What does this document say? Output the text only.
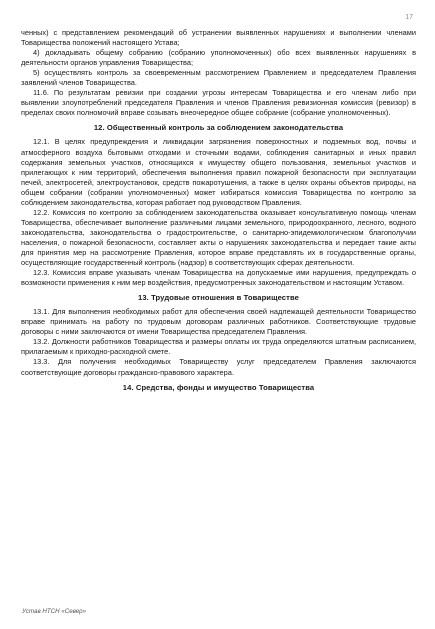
17

ченных) с представлением рекомендаций об устранении выявленных нарушениях и выполнении членами Товарищества положений настоящего Устава;

4) докладывать общему собранию (собранию уполномоченных) обо всех выявленных нарушениях в деятельности органов управления Товарищества;

5) осуществлять контроль за своевременным рассмотрением Правлением и председателем Правления заявлений членов Товарищества.

11.6. По результатам ревизии при создании угрозы интересам Товарищества и его членам либо при выявлении злоупотреблений председателя Правления и членов Правления ревизионная комиссия (ревизор) в пределах своих полномочий вправе созывать внеочередное общее собрание (собрание уполномоченных).

12. Общественный контроль за соблюдением законодательства

12.1. В целях предупреждения и ликвидации загрязнения поверхностных и подземных вод, почвы и атмосферного воздуха бытовыми отходами и сточными водами, соблюдения санитарных и иных правил содержания земельных участков, относящихся к имуществу общего пользования, земельных участков и прилегающих к ним территорий, обеспечения выполнения правил пожарной безопасности при эксплуатации печей, электросетей, электроустановок, средств пожаротушения, а также в целях охраны объектов природы, на общем собрании (собрании уполномоченных) может избираться комиссия Товарищества по контролю за соблюдением законодательства, которая работает под руководством Правления.

12.2. Комиссия по контролю за соблюдением законодательства оказывает консультативную помощь членам Товарищества, обеспечивает выполнение различными лицами земельного, природоохранного, лесного, водного законодательства, законодательства о градостроительстве, о санитарно-эпидемиологическом благополучии населения, о пожарной безопасности, составляет акты о нарушениях законодательства и передает такие акты для принятия мер на рассмотрение Правления, которое вправе представлять их в государственные органы, осуществляющие государственный контроль (надзор) в соответствующих сферах деятельности.

12.3. Комиссия вправе указывать членам Товарищества на допускаемые ими нарушения, предупреждать о возможности применения к ним мер воздействия, предусмотренных законодательством и настоящим Уставом.

13. Трудовые отношения в Товариществе

13.1. Для выполнения необходимых работ для обеспечения своей надлежащей деятельности Товарищество вправе принимать на работу по трудовым договорам различных работников. Соответствующие трудовые договоры с ними заключаются от имени Товарищества председателем Правления.

13.2. Должности работников Товарищества и размеры оплаты их труда определяются штатным расписанием, прилагаемым к приходно-расходной смете.

13.3. Для получения необходимых Товариществу услуг председателем Правления заключаются соответствующие договоры гражданско-правового характера.

14. Средства, фонды и имущество Товарищества
Устав НТСН «Север»
